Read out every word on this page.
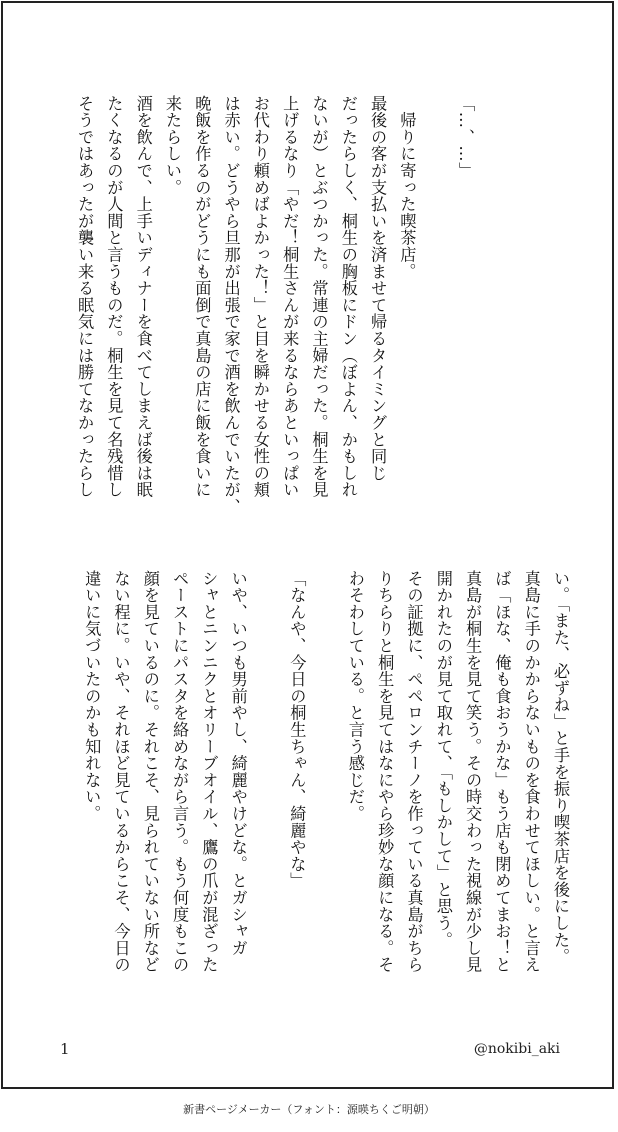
「…、…」
　帰りに寄った喫茶店。
最後の客が支払いを済ませて帰るタイミングと同じ
だったらしく、桐生の胸板にドン（ぼよん、かもしれ
ないが）とぶつかった。常連の主婦だった。桐生を見
上げるなり「やだ！桐生さんが来るならあといっぱい
お代わり頼めばよかった！」と目を瞬かせる女性の頬
は赤い。どうやら旦那が出張で家で酒を飲んでいたが、
晩飯を作るのがどうにも面倒で真島の店に飯を食いに
来たらしい。
酒を飲んで、上手いディナーを食べてしまえば後は眠
たくなるのが人間と言うものだ。桐生を見て名残惜し
そうではあったが襲い来る眠気には勝てなかったらし
い。「また、必ずね」と手を振り喫茶店を後にした。
真島に手のかからないものを食わせてほしい。と言え
ば「ほな、俺も食おうかな」もう店も閉めてまお！と
真島が桐生を見て笑う。その時交わった視線が少し見
開かれたのが見て取れて、「もしかして」と思う。
その証拠に、ペペロンチーノを作っている真島がちら
りちらりと桐生を見てはなにやら珍妙な顔になる。そ
わそわしている。と言う感じだ。
「なんや、今日の桐生ちゃん、綺麗やな」
いや、いつも男前やし、綺麗やけどな。とガシャガ
シャとニンニクとオリーブオイル、鷹の爪が混ざった
ペーストにパスタを絡めながら言う。もう何度もこの
顔を見ているのに。それこそ、見られていない所など
ない程に。いや、それほど見ているからこそ、今日の
違いに気づいたのかも知れない。
1	@nokibi_aki
新書ページメーカー（フォント：源暎ちくご明朝）
